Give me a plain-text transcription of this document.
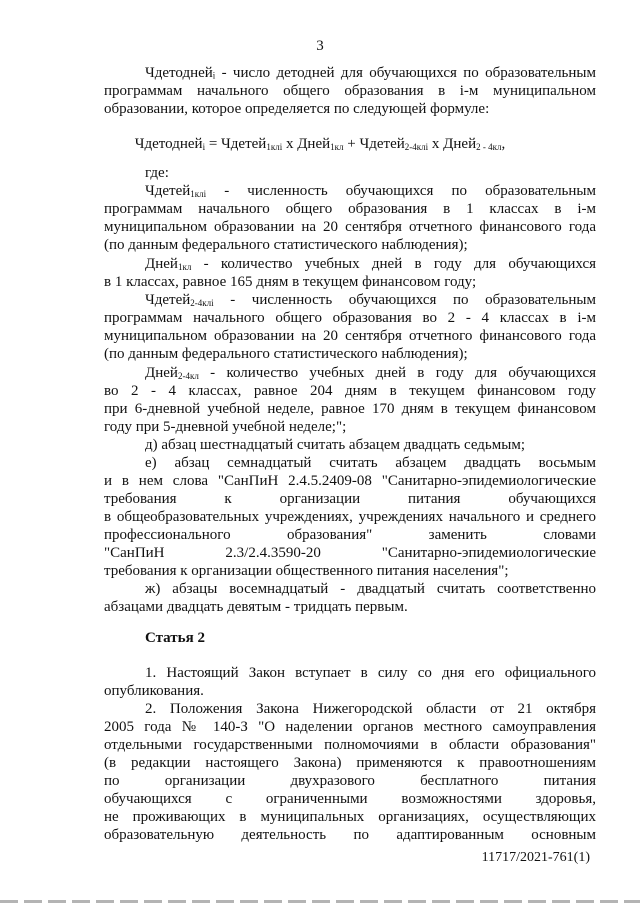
3
Чдетоднейᵢ - число детодней для обучающихся по образовательным
программам начального общего образования в i-м муниципальном
образовании, которое определяется по следующей формуле:
Чдетодней$_i$ = Чдетей$_{1клi}$ х Дней$_{1кл}$ + Чдетей$_{2-4клi}$ х Дней$_{2 - 4кл}$,
где:
Чдетей$_{1клi}$ - численность обучающихся по образовательным
программам начального общего образования в 1 классах в i-м
муниципальном образовании на 20 сентября отчетного финансового года
(по данным федерального статистического наблюдения);
Дней$_{1кл}$ - количество учебных дней в году для обучающихся
в 1 классах, равное 165 дням в текущем финансовом году;
Чдетей$_{2-4клi}$ - численность обучающихся по образовательным
программам начального общего образования во 2 - 4 классах в i-м
муниципальном образовании на 20 сентября отчетного финансового года
(по данным федерального статистического наблюдения);
Дней$_{2-4кл}$ - количество учебных дней в году для обучающихся
во 2 - 4 классах, равное 204 дням в текущем финансовом году
при 6-дневной учебной неделе, равное 170 дням в текущем финансовом
году при 5-дневной учебной неделе;";
д) абзац шестнадцатый считать абзацем двадцать седьмым;
е) абзац семнадцатый считать абзацем двадцать восьмым
и в нем слова "СанПиН 2.4.5.2409-08 "Санитарно-эпидемиологические
требования к организации питания обучающихся
в общеобразовательных учреждениях, учреждениях начального и среднего
профессионального образования" заменить словами
"СанПиН 2.3/2.4.3590-20 "Санитарно-эпидемиологические
требования к организации общественного питания населения";
ж) абзацы восемнадцатый - двадцатый считать соответственно
абзацами двадцать девятым - тридцать первым.
Статья 2
1. Настоящий Закон вступает в силу со дня его официального
опубликования.
2. Положения Закона Нижегородской области от 21 октября
2005 года № 140-З "О наделении органов местного самоуправления
отдельными государственными полномочиями в области образования"
(в редакции настоящего Закона) применяются к правоотношениям
по организации двухразового бесплатного питания
обучающихся с ограниченными возможностями здоровья,
не проживающих в муниципальных организациях, осуществляющих
образовательную деятельность по адаптированным основным
11717/2021-761(1)
